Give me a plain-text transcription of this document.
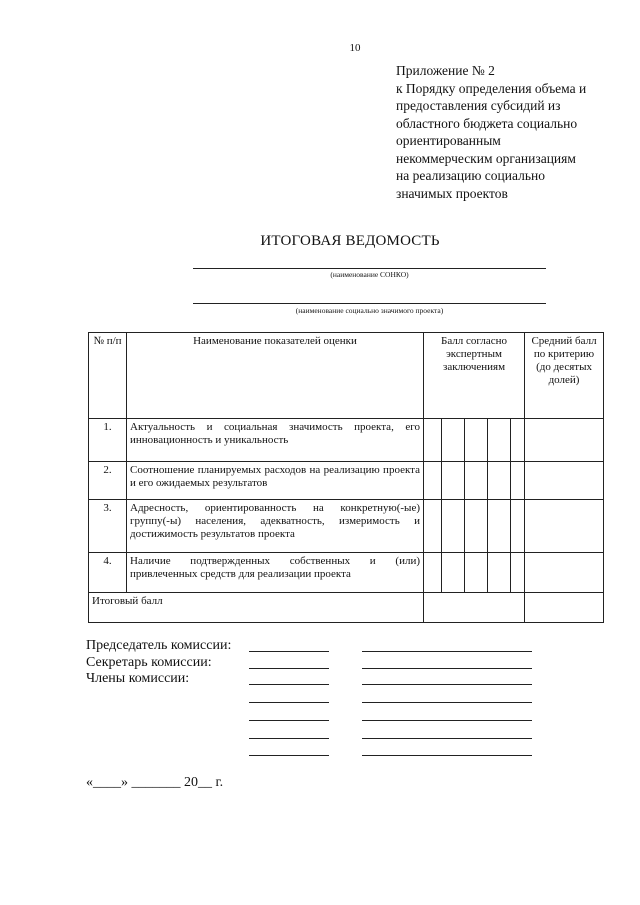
10
Приложение № 2
к Порядку определения объема и
предоставления субсидий из
областного бюджета социально
ориентированным
некоммерческим организациям
на реализацию социально
значимых проектов
ИТОГОВАЯ ВЕДОМОСТЬ
(наименование СОНКО)
(наименование социально значимого проекта)
№ п/п	Наименование показателей оценки	Балл согласно экспертным заключениям					Средний балл по критерию (до десятых долей)
1.	Актуальность и социальная значимость проекта, его инновационность и уникальность						
2.	Соотношение планируемых расходов на реализацию проекта и его ожидаемых результатов						
3.	Адресность, ориентированность на конкретную(-ые) группу(-ы) населения, адекватность, измеримость и достижимость результатов проекта						
4.	Наличие подтвержденных собственных и (или) привлеченных средств для реализации проекта						
Итоговый балл							
Председатель комиссии:
Секретарь комиссии:
Члены комиссии:
«____» _______ 20__ г.
